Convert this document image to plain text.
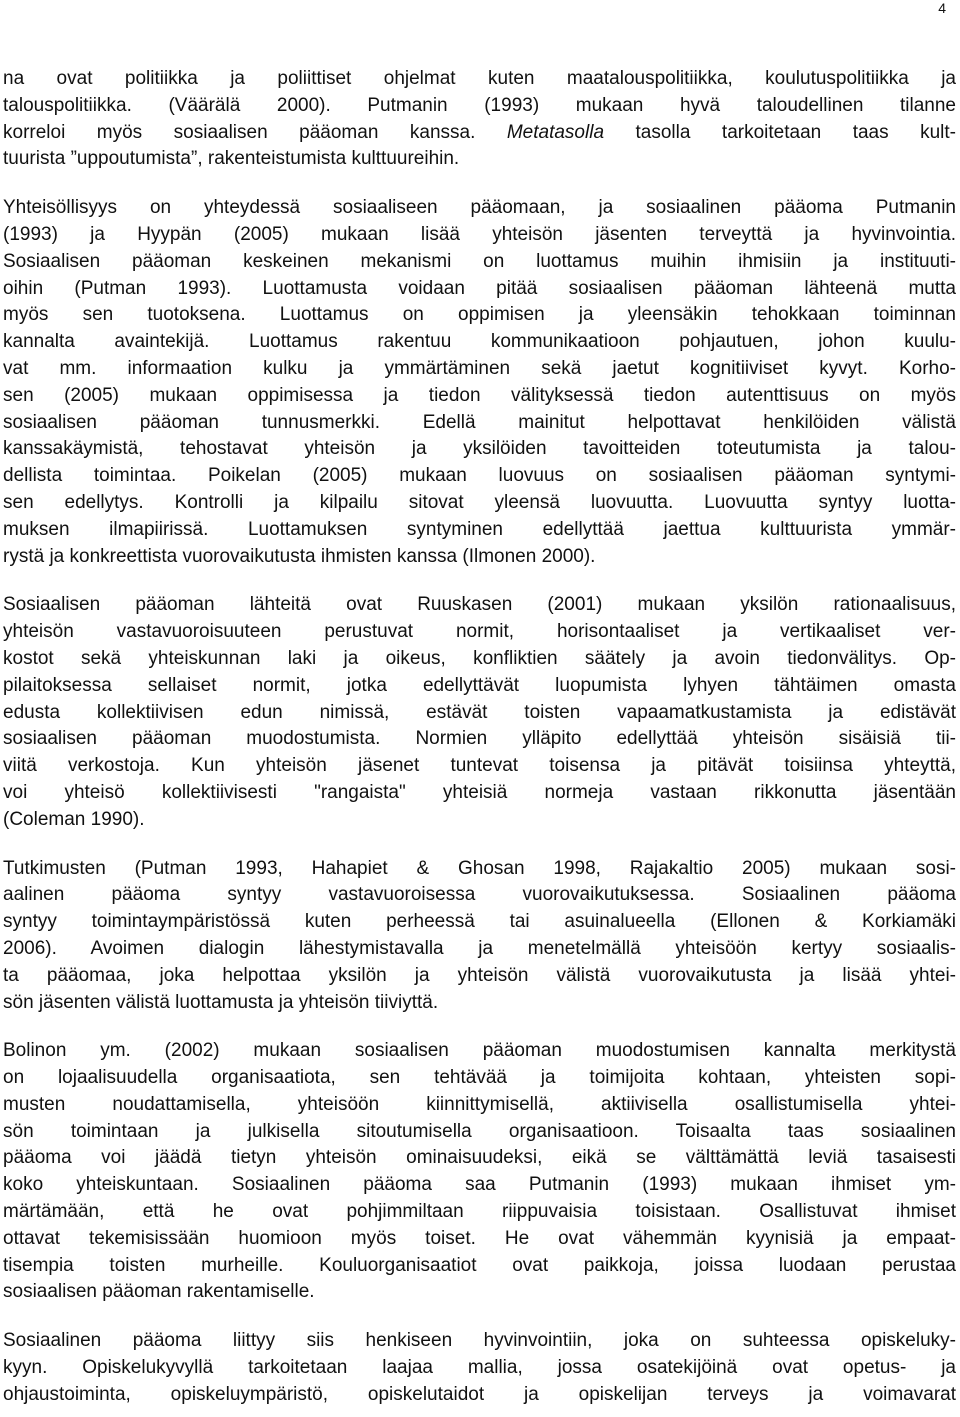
4
na ovat politiikka ja poliittiset ohjelmat kuten maatalouspolitiikka, koulutuspolitiikka ja
talouspolitiikka. (Väärälä 2000). Putmanin (1993) mukaan hyvä taloudellinen tilanne
korreloi myös sosiaalisen pääoman kanssa. Metatasolla tasolla tarkoitetaan taas kult-
tuurista ”uppoutumista”, rakenteistumista kulttuureihin.
Yhteisöllisyys on yhteydessä sosiaaliseen pääomaan, ja sosiaalinen pääoma Putmanin
(1993) ja Hyypän (2005) mukaan lisää yhteisön jäsenten terveyttä ja hyvinvointia.
Sosiaalisen pääoman keskeinen mekanismi on luottamus muihin ihmisiin ja instituuti-
oihin (Putman 1993). Luottamusta voidaan pitää sosiaalisen pääoman lähteenä mutta
myös sen tuotoksena. Luottamus on oppimisen ja yleensäkin tehokkaan toiminnan
kannalta avaintekijä. Luottamus rakentuu kommunikaatioon pohjautuen, johon kuulu-
vat mm. informaation kulku ja ymmärtäminen sekä jaetut kognitiiviset kyvyt. Korho-
sen (2005) mukaan oppimisessa ja tiedon välityksessä tiedon autenttisuus on myös
sosiaalisen pääoman tunnusmerkki. Edellä mainitut helpottavat henkilöiden välistä
kanssakäymistä, tehostavat yhteisön ja yksilöiden tavoitteiden toteutumista ja talou-
dellista toimintaa. Poikelan (2005) mukaan luovuus on sosiaalisen pääoman syntymi-
sen edellytys. Kontrolli ja kilpailu sitovat yleensä luovuutta. Luovuutta syntyy luotta-
muksen ilmapiirissä. Luottamuksen syntyminen edellyttää jaettua kulttuurista ymmär-
rystä ja konkreettista vuorovaikutusta ihmisten kanssa (Ilmonen 2000).
Sosiaalisen pääoman lähteitä ovat Ruuskasen (2001) mukaan yksilön rationaalisuus,
yhteisön vastavuoroisuuteen perustuvat normit, horisontaaliset ja vertikaaliset ver-
kostot sekä yhteiskunnan laki ja oikeus, konfliktien säätely ja avoin tiedonvälitys. Op-
pilaitoksessa sellaiset normit, jotka edellyttävät luopumista lyhyen tähtäimen omasta
edusta kollektiivisen edun nimissä, estävät toisten vapaamatkustamista ja edistävät
sosiaalisen pääoman muodostumista. Normien ylläpito edellyttää yhteisön sisäisiä tii-
viitä verkostoja. Kun yhteisön jäsenet tuntevat toisensa ja pitävät toisiinsa yhteyttä,
voi yhteisö kollektiivisesti "rangaista" yhteisiä normeja vastaan rikkonutta jäsentään
(Coleman 1990).
Tutkimusten (Putman 1993, Hahapiet & Ghosan 1998, Rajakaltio 2005) mukaan sosi-
aalinen pääoma syntyy vastavuoroisessa vuorovaikutuksessa. Sosiaalinen pääoma
syntyy toimintaympäristössä kuten perheessä tai asuinalueella (Ellonen & Korkiamäki
2006). Avoimen dialogin lähestymistavalla ja menetelmällä yhteisöön kertyy sosiaalis-
ta pääomaa, joka helpottaa yksilön ja yhteisön välistä vuorovaikutusta ja lisää yhtei-
sön jäsenten välistä luottamusta ja yhteisön tiiviyttä.
Bolinon ym. (2002) mukaan sosiaalisen pääoman muodostumisen kannalta merkitystä
on lojaalisuudella organisaatiota, sen tehtävää ja toimijoita kohtaan, yhteisten sopi-
musten noudattamisella, yhteisöön kiinnittymisellä, aktiivisella osallistumisella yhtei-
sön toimintaan ja julkisella sitoutumisella organisaatioon. Toisaalta taas sosiaalinen
pääoma voi jäädä tietyn yhteisön ominaisuudeksi, eikä se välttämättä leviä tasaisesti
koko yhteiskuntaan. Sosiaalinen pääoma saa Putmanin (1993) mukaan ihmiset ym-
märtämään, että he ovat pohjimmiltaan riippuvaisia toisistaan. Osallistuvat ihmiset
ottavat tekemisissään huomioon myös toiset. He ovat vähemmän kyynisiä ja empaat-
tisempia toisten murheille. Kouluorganisaatiot ovat paikkoja, joissa luodaan perustaa
sosiaalisen pääoman rakentamiselle.
Sosiaalinen pääoma liittyy siis henkiseen hyvinvointiin, joka on suhteessa opiskeluky-
kyyn. Opiskelukyvyllä tarkoitetaan laajaa mallia, jossa osatekijöinä ovat opetus- ja
ohjaustoiminta, opiskeluympäristö, opiskelutaidot ja opiskelijan terveys ja voimavarat
